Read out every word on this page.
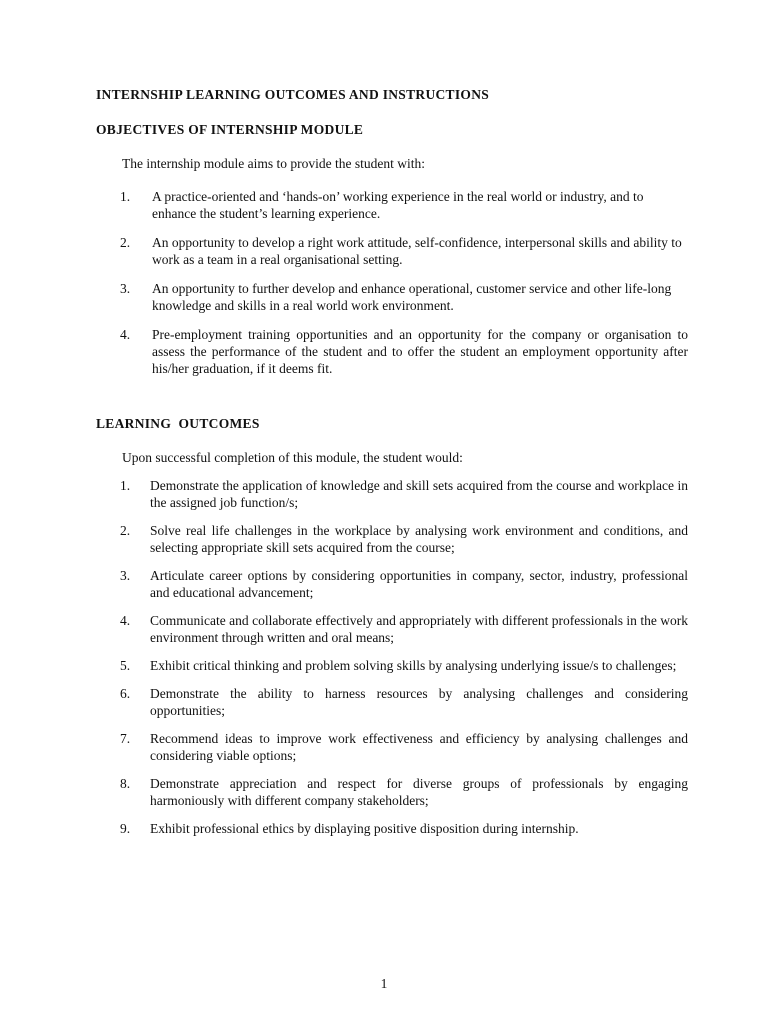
INTERNSHIP LEARNING OUTCOMES AND INSTRUCTIONS
OBJECTIVES OF INTERNSHIP MODULE

The internship module aims to provide the student with:

1.	A practice-oriented and ‘hands-on’ working experience in the real world or industry, and to enhance the student’s learning experience.
2.	An opportunity to develop a right work attitude, self-confidence, interpersonal skills and ability to work as a team in a real organisational setting.
3.	An opportunity to further develop and enhance operational, customer service and other life-long knowledge and skills in a real world work environment.
4.	Pre-employment training opportunities and an opportunity for the company or organisation to assess the performance of the student and to offer the student an employment opportunity after his/her graduation, if it deems fit.
LEARNING  OUTCOMES

Upon successful completion of this module, the student would:

1.	Demonstrate the application of knowledge and skill sets acquired from the course and workplace in the assigned job function/s;
2.	Solve real life challenges in the workplace by analysing work environment and conditions, and selecting appropriate skill sets acquired from the course;
3.	Articulate career options by considering opportunities in company, sector, industry, professional and educational advancement;
4.	Communicate and collaborate effectively and appropriately with different professionals in the work environment through written and oral means;
5.	Exhibit critical thinking and problem solving skills by analysing underlying issue/s to challenges;
6.	Demonstrate the ability to harness resources by analysing challenges and considering opportunities;
7.	Recommend ideas to improve work effectiveness and efficiency by analysing challenges and considering viable options;
8.	Demonstrate appreciation and respect for diverse groups of professionals by engaging harmoniously with different company stakeholders;
9.	Exhibit professional ethics by displaying positive disposition during internship.
1
